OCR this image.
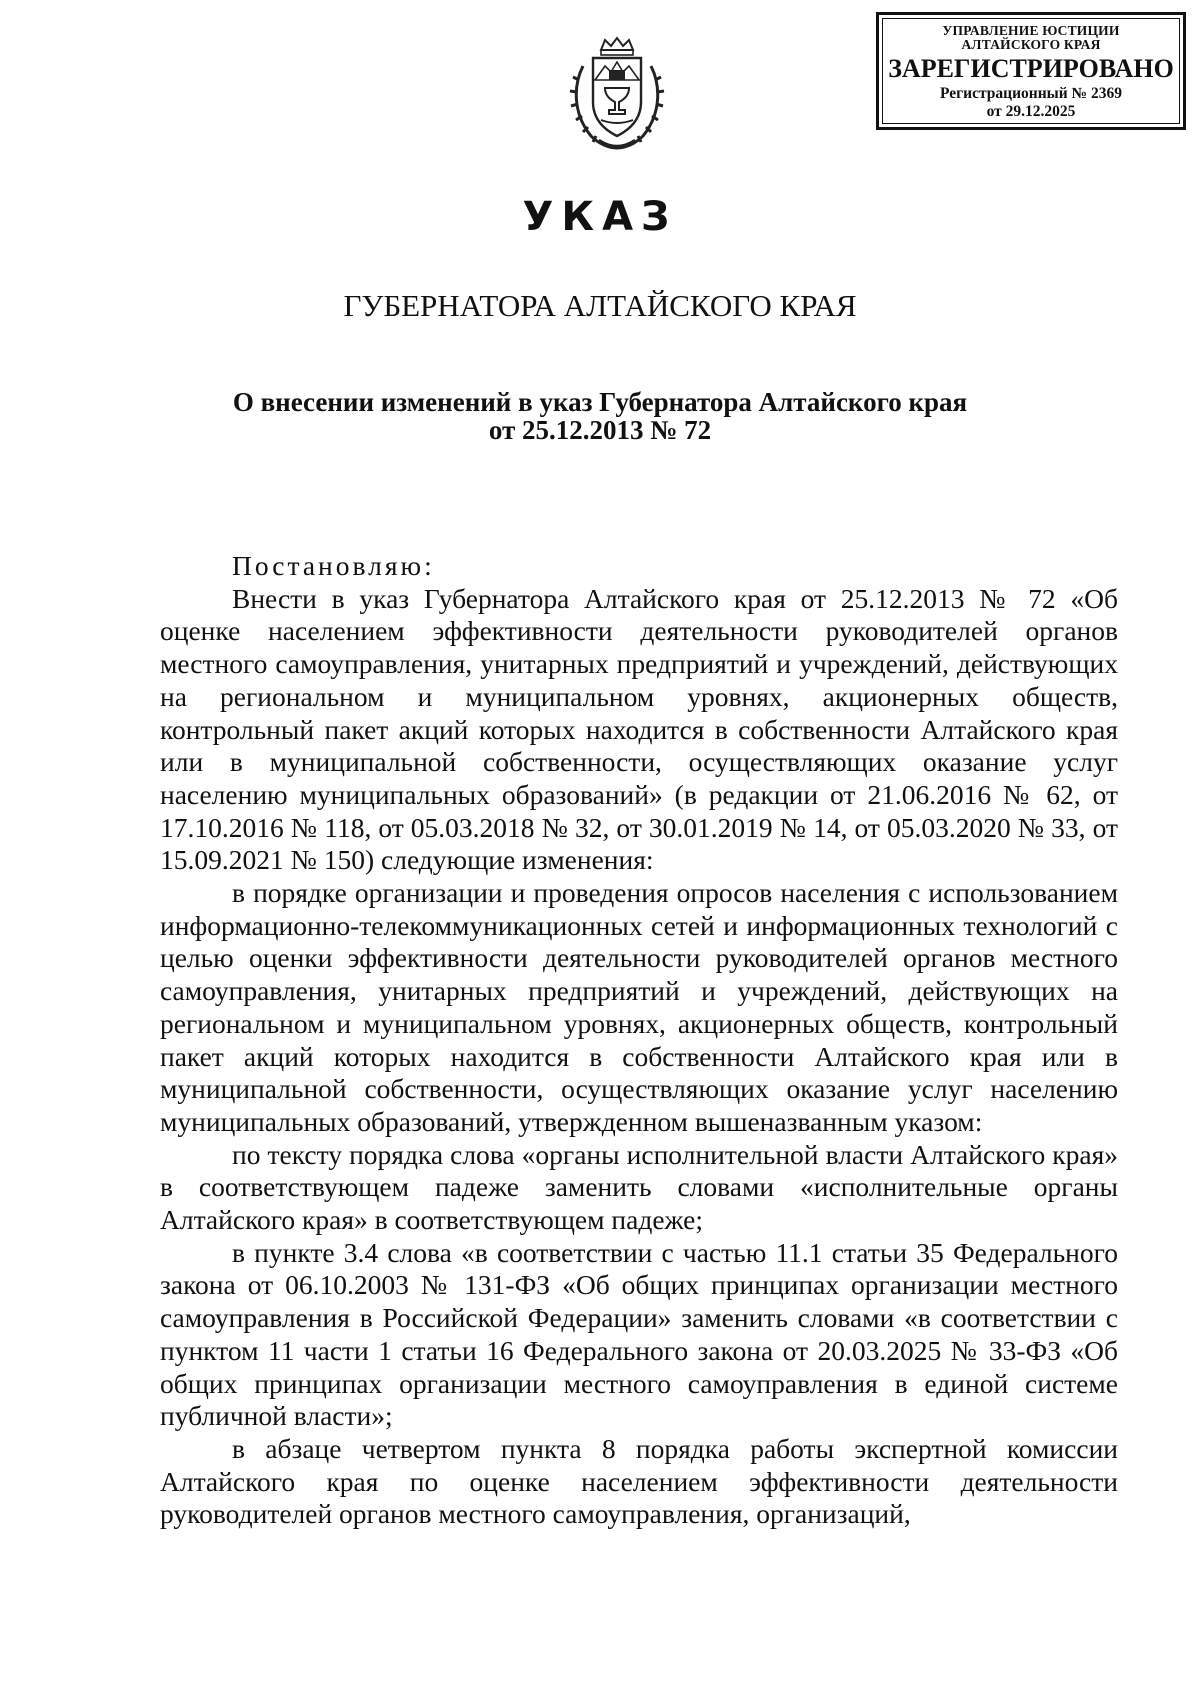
УПРАВЛЕНИЕ ЮСТИЦИИ
АЛТАЙСКОГО КРАЯ
ЗАРЕГИСТРИРОВАНО
Регистрационный № 2369
от 29.12.2025
УКАЗ
ГУБЕРНАТОРА АЛТАЙСКОГО КРАЯ
О внесении изменений в указ Губернатора Алтайского края
от 25.12.2013 № 72
Постановляю:

Внести в указ Губернатора Алтайского края от 25.12.2013 № 72 «Об оценке населением эффективности деятельности руководителей органов местного самоуправления, унитарных предприятий и учреждений, действующих на региональном и муниципальном уровнях, акционерных обществ, контрольный пакет акций которых находится в собственности Алтайского края или в муниципальной собственности, осуществляющих оказание услуг населению муниципальных образований» (в редакции от 21.06.2016 № 62, от 17.10.2016 № 118, от 05.03.2018 № 32, от 30.01.2019 № 14, от 05.03.2020 № 33, от 15.09.2021 № 150) следующие изменения:

в порядке организации и проведения опросов населения с использованием информационно-телекоммуникационных сетей и информационных технологий с целью оценки эффективности деятельности руководителей органов местного самоуправления, унитарных предприятий и учреждений, действующих на региональном и муниципальном уровнях, акционерных обществ, контрольный пакет акций которых находится в собственности Алтайского края или в муниципальной собственности, осуществляющих оказание услуг населению муниципальных образований, утвержденном вышеназванным указом:

по тексту порядка слова «органы исполнительной власти Алтайского края» в соответствующем падеже заменить словами «исполнительные органы Алтайского края» в соответствующем падеже;

в пункте 3.4 слова «в соответствии с частью 11.1 статьи 35 Федерального закона от 06.10.2003 № 131-ФЗ «Об общих принципах организации местного самоуправления в Российской Федерации» заменить словами «в соответствии с пунктом 11 части 1 статьи 16 Федерального закона от 20.03.2025 № 33-ФЗ «Об общих принципах организации местного самоуправления в единой системе публичной власти»;

в абзаце четвертом пункта 8 порядка работы экспертной комиссии Алтайского края по оценке населением эффективности деятельности руководителей органов местного самоуправления, организаций,
